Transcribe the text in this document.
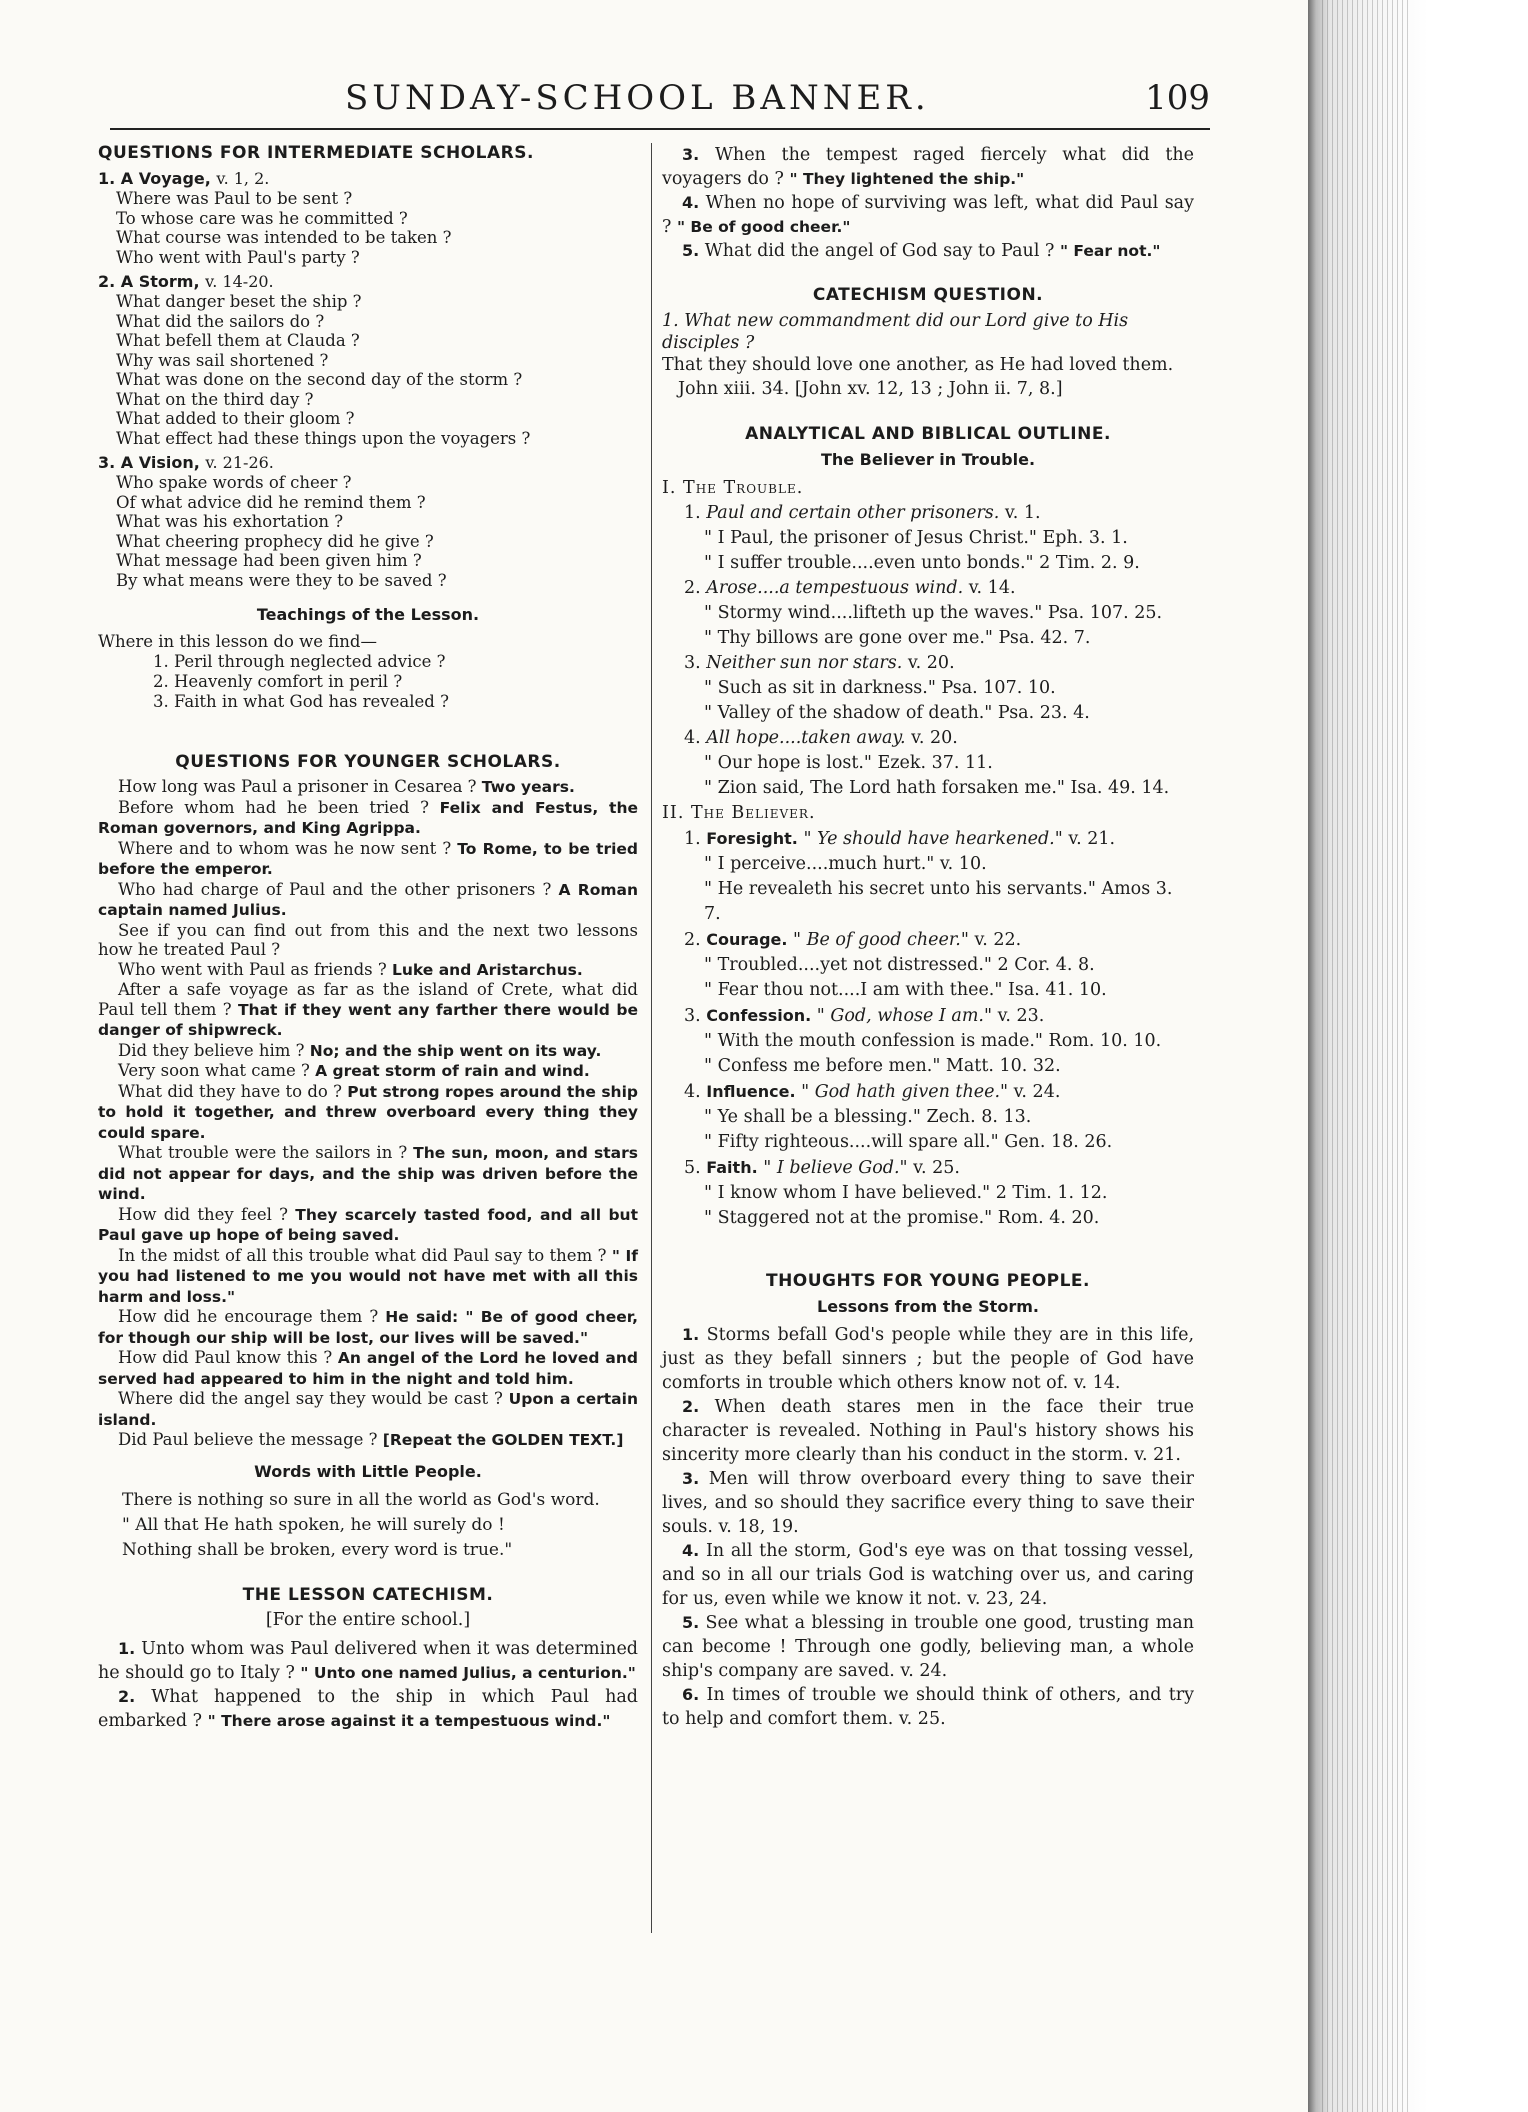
SUNDAY-SCHOOL BANNER.	109
QUESTIONS FOR INTERMEDIATE SCHOLARS.
1. A Voyage, v. 1, 2.
Where was Paul to be sent ?
To whose care was he committed ?
What course was intended to be taken ?
Who went with Paul's party ?
2. A Storm, v. 14-20.
What danger beset the ship ?
What did the sailors do ?
What befell them at Clauda ?
Why was sail shortened ?
What was done on the second day of the storm ?
What on the third day ?
What added to their gloom ?
What effect had these things upon the voyagers ?
3. A Vision, v. 21-26.
Who spake words of cheer ?
Of what advice did he remind them ?
What was his exhortation ?
What cheering prophecy did he give ?
What message had been given him ?
By what means were they to be saved ?
Teachings of the Lesson.

Where in this lesson do we find—

1. Peril through neglected advice ?
2. Heavenly comfort in peril ?
3. Faith in what God has revealed ?
QUESTIONS FOR YOUNGER SCHOLARS.

How long was Paul a prisoner in Cesarea ? Two years.

Before whom had he been tried ? Felix and Festus, the Roman governors, and King Agrippa.

Where and to whom was he now sent ? To Rome, to be tried before the emperor.

Who had charge of Paul and the other prisoners ? A Roman captain named Julius.

See if you can find out from this and the next two lessons how he treated Paul ?

Who went with Paul as friends ? Luke and Aristarchus.

After a safe voyage as far as the island of Crete, what did Paul tell them ? That if they went any farther there would be danger of shipwreck.

Did they believe him ? No; and the ship went on its way.

Very soon what came ? A great storm of rain and wind.

What did they have to do ? Put strong ropes around the ship to hold it together, and threw overboard every thing they could spare.

What trouble were the sailors in ? The sun, moon, and stars did not appear for days, and the ship was driven before the wind.

How did they feel ? They scarcely tasted food, and all but Paul gave up hope of being saved.

In the midst of all this trouble what did Paul say to them ? " If you had listened to me you would not have met with all this harm and loss."

How did he encourage them ? He said: " Be of good cheer, for though our ship will be lost, our lives will be saved."

How did Paul know this ? An angel of the Lord he loved and served had appeared to him in the night and told him.

Where did the angel say they would be cast ? Upon a certain island.

Did Paul believe the message ? [Repeat the GOLDEN TEXT.]

Words with Little People.
There is nothing so sure in all the world as God's word.
" All that He hath spoken, he will surely do !
Nothing shall be broken, every word is true."
THE LESSON CATECHISM.

[For the entire school.]

1. Unto whom was Paul delivered when it was determined he should go to Italy ? " Unto one named Julius, a centurion."

2. What happened to the ship in which Paul had embarked ? " There arose against it a tempestuous wind."

3. When the tempest raged fiercely what did the voyagers do ? " They lightened the ship."

4. When no hope of surviving was left, what did Paul say ? " Be of good cheer."

5. What did the angel of God say to Paul ? " Fear not."

CATECHISM QUESTION.

1. What new commandment did our Lord give to His disciples ?

That they should love one another, as He had loved them.

John xiii. 34. [John xv. 12, 13 ; John ii. 7, 8.]

ANALYTICAL AND BIBLICAL OUTLINE.
The Believer in Trouble.
I. The Trouble.
1. Paul and certain other prisoners. v. 1.
" I Paul, the prisoner of Jesus Christ." Eph. 3. 1.
" I suffer trouble....even unto bonds." 2 Tim. 2. 9.
2. Arose....a tempestuous wind. v. 14.
" Stormy wind....lifteth up the waves." Psa. 107. 25.
" Thy billows are gone over me." Psa. 42. 7.
3. Neither sun nor stars. v. 20.
" Such as sit in darkness." Psa. 107. 10.
" Valley of the shadow of death." Psa. 23. 4.
4. All hope....taken away. v. 20.
" Our hope is lost." Ezek. 37. 11.
" Zion said, The Lord hath forsaken me." Isa. 49. 14.
II. The Believer.
1. Foresight. " Ye should have hearkened." v. 21.
" I perceive....much hurt." v. 10.
" He revealeth his secret unto his servants." Amos 3. 7.
2. Courage. " Be of good cheer." v. 22.
" Troubled....yet not distressed." 2 Cor. 4. 8.
" Fear thou not....I am with thee." Isa. 41. 10.
3. Confession. " God, whose I am." v. 23.
" With the mouth confession is made." Rom. 10. 10.
" Confess me before men." Matt. 10. 32.
4. Influence. " God hath given thee." v. 24.
" Ye shall be a blessing." Zech. 8. 13.
" Fifty righteous....will spare all." Gen. 18. 26.
5. Faith. " I believe God." v. 25.
" I know whom I have believed." 2 Tim. 1. 12.
" Staggered not at the promise." Rom. 4. 20.
THOUGHTS FOR YOUNG PEOPLE.
Lessons from the Storm.

1. Storms befall God's people while they are in this life, just as they befall sinners ; but the people of God have comforts in trouble which others know not of. v. 14.

2. When death stares men in the face their true character is revealed. Nothing in Paul's history shows his sincerity more clearly than his conduct in the storm. v. 21.

3. Men will throw overboard every thing to save their lives, and so should they sacrifice every thing to save their souls. v. 18, 19.

4. In all the storm, God's eye was on that tossing vessel, and so in all our trials God is watching over us, and caring for us, even while we know it not. v. 23, 24.

5. See what a blessing in trouble one good, trusting man can become ! Through one godly, believing man, a whole ship's company are saved. v. 24.

6. In times of trouble we should think of others, and try to help and comfort them. v. 25.
